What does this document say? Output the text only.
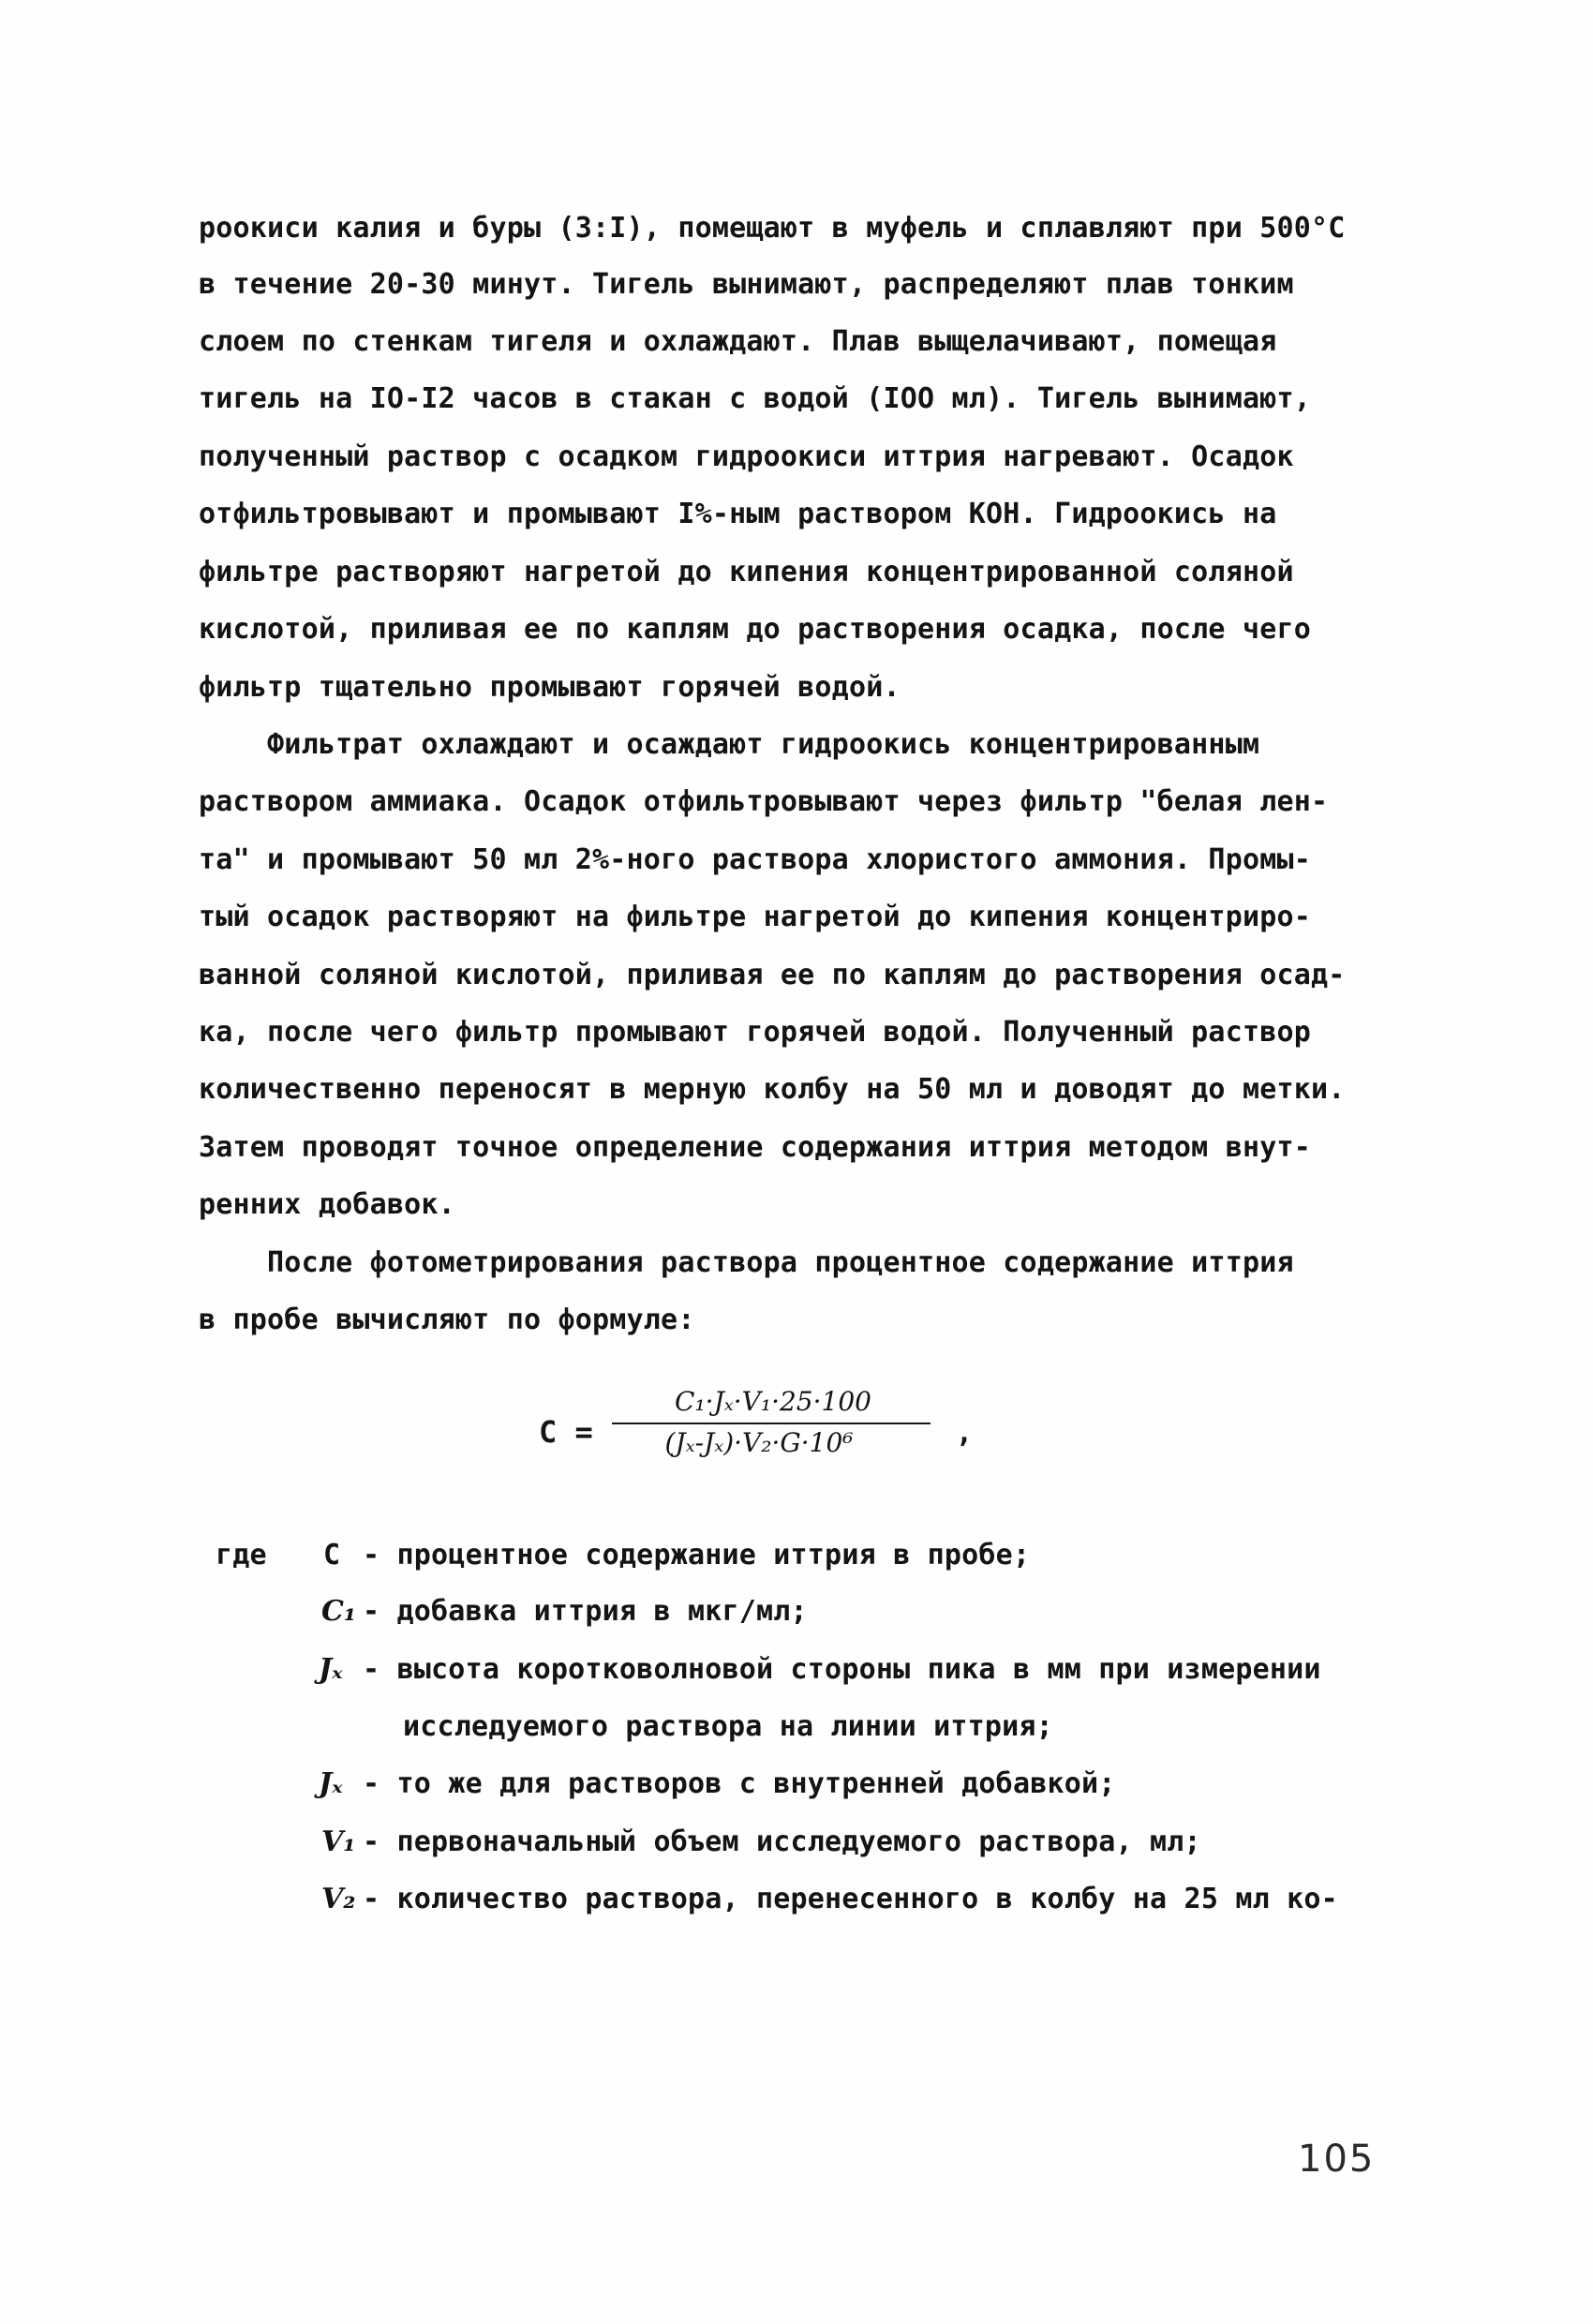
роокиси калия и буры (3:I), помещают в муфель и сплавляют при 500°С
в течение 20-30 минут. Тигель вынимают, распределяют плав тонким
слоем по стенкам тигеля и охлаждают. Плав выщелачивают, помещая
тигель на IO-I2 часов в стакан с водой (IOO мл). Тигель вынимают,
полученный раствор с осадком гидроокиси иттрия нагревают. Осадок
отфильтровывают и промывают I%-ным раствором КОН. Гидроокись на
фильтре растворяют нагретой до кипения концентрированной соляной
кислотой, приливая ее по каплям до растворения осадка, после чего
фильтр тщательно промывают горячей водой.
Фильтрат охлаждают и осаждают гидроокись концентрированным
раствором аммиака. Осадок отфильтровывают через фильтр "белая лен-
та" и промывают 50 мл 2%-ного раствора хлористого аммония. Промы-
тый осадок растворяют на фильтре нагретой до кипения концентриро-
ванной соляной кислотой, приливая ее по каплям до растворения осад-
ка, после чего фильтр промывают горячей водой. Полученный раствор
количественно переносят в мерную колбу на 50 мл и доводят до метки.
Затем проводят точное определение содержания иттрия методом внут-
ренних добавок.
После фотометрирования раствора процентное содержание иттрия
в пробе вычисляют по формуле:
С =
C₁·Jₓ·V₁·25·100
(Jₓ-Jₓ)·V₂·G·10⁶	,
где С - процентное содержание иттрия в пробе;
C₁ - добавка иттрия в мкг/мл;
Jₓ - высота коротковолновой стороны пика в мм при измерении
исследуемого раствора на линии иттрия;
Jₓ - то же для растворов с внутренней добавкой;
V₁ - первоначальный объем исследуемого раствора, мл;
V₂ - количество раствора, перенесенного в колбу на 25 мл ко-
105
